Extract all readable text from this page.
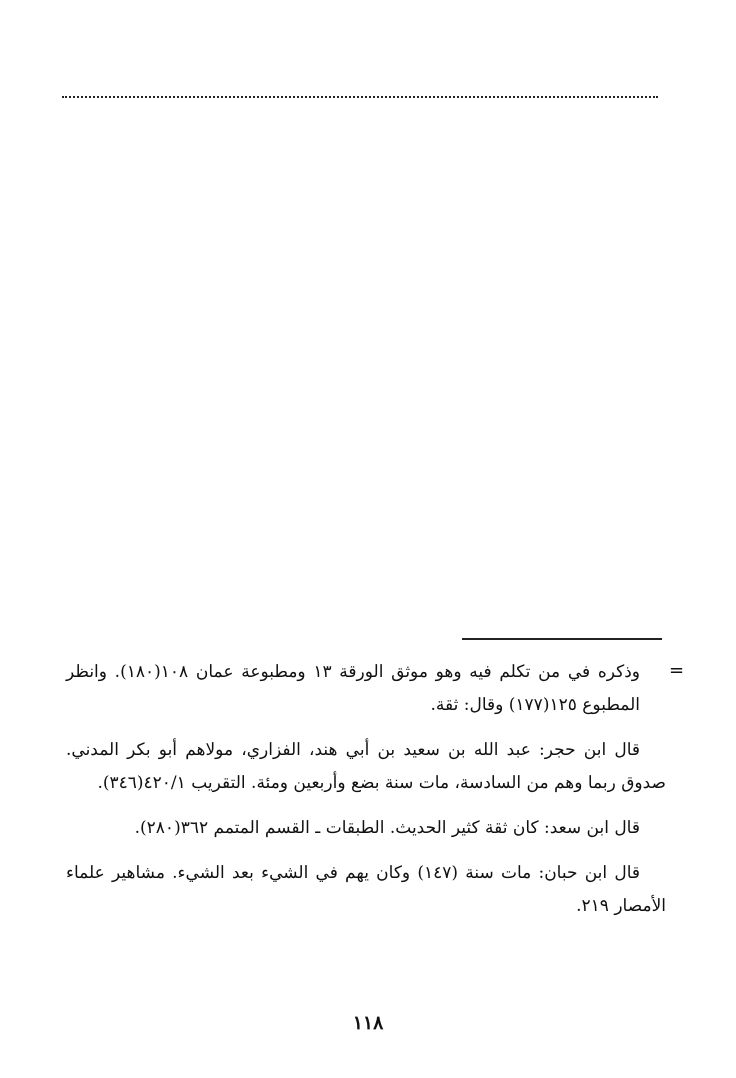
=

وذكره في من تكلم فيه وهو موثق الورقة ١٣ ومطبوعة عمان ١٠٨(١٨٠). وانظر المطبوع ١٢٥(١٧٧) وقال: ثقة.

قال ابن حجر: عبد الله بن سعيد بن أبي هند، الفزاري، مولاهم أبو بكر المدني. صدوق ربما وهم من السادسة، مات سنة بضع وأربعين ومئة. التقريب ٤٢٠/١(٣٤٦).

قال ابن سعد: كان ثقة كثير الحديث. الطبقات ـ القسم المتمم ٣٦٢(٢٨٠).

قال ابن حبان: مات سنة (١٤٧) وكان يهم في الشيء بعد الشيء. مشاهير علماء الأمصار ٢١٩.

١١٨
